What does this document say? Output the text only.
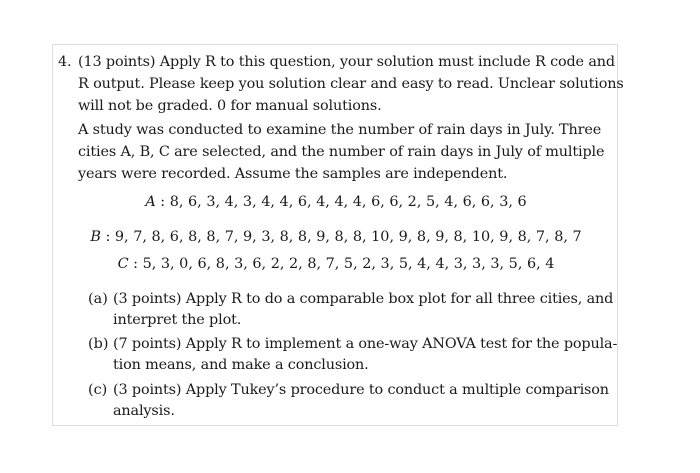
4. (13 points) Apply R to this question, your solution must include R code and
R output. Please keep you solution clear and easy to read. Unclear solutions
will not be graded. 0 for manual solutions.
A study was conducted to examine the number of rain days in July. Three
cities A, B, C are selected, and the number of rain days in July of multiple
years were recorded. Assume the samples are independent.
A : 8, 6, 3, 4, 3, 4, 4, 6, 4, 4, 4, 6, 6, 2, 5, 4, 6, 6, 3, 6
B : 9, 7, 8, 6, 8, 8, 7, 9, 3, 8, 8, 9, 8, 8, 10, 9, 8, 9, 8, 10, 9, 8, 7, 8, 7
C : 5, 3, 0, 6, 8, 3, 6, 2, 2, 8, 7, 5, 2, 3, 5, 4, 4, 3, 3, 3, 5, 6, 4
(a) (3 points) Apply R to do a comparable box plot for all three cities, and
interpret the plot.
(b) (7 points) Apply R to implement a one-way ANOVA test for the popula-
tion means, and make a conclusion.
(c) (3 points) Apply Tukey’s procedure to conduct a multiple comparison
analysis.
